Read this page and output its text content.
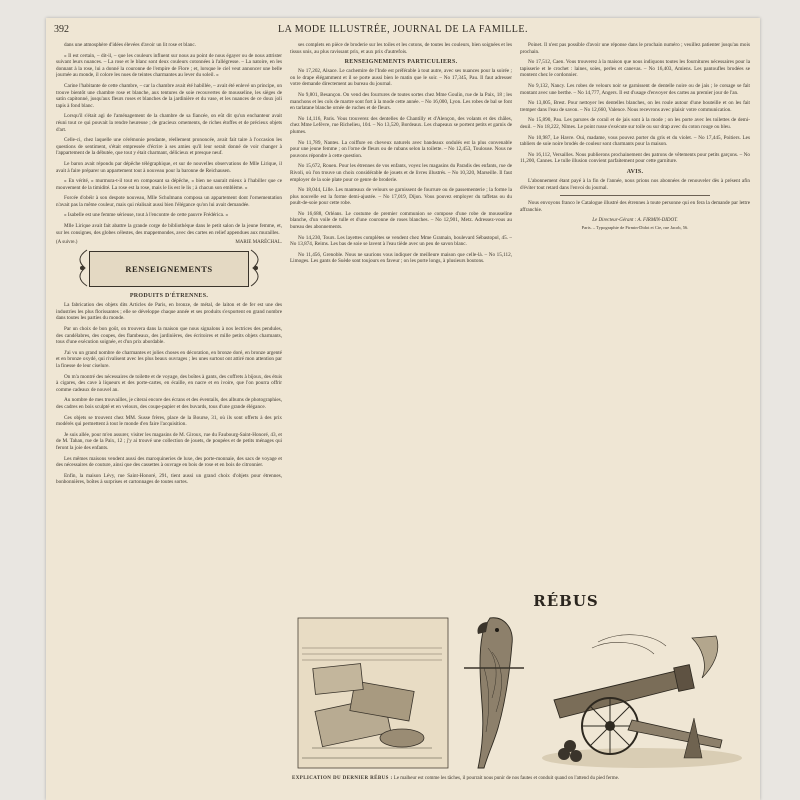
392	LA MODE ILLUSTRÉE, JOURNAL DE LA FAMILLE.

dans une atmosphère d'idées élevées d'avoir un lit rose et blanc.

« Il est certain, – dit-il, – que les couleurs influent sur nous au point de nous égayer ou de nous attrister suivant leurs nuances. – La rose et le blanc sont deux couleurs cotonnées à l'allégresse. – La natoire, en les donnant à la rose, lui a donné la couronne de l'empire de Flore ; et, lorsque le ciel veut annoncer une belle journée au monde, il colore les nues de teintes charmantes au lever du soleil. »

Carine l'habitante de cette chambre, – car la chambre avait été habillée, – avait été enlevé un principe, on trouve bientôt une chambre rose et blanche, aux tentures de soie recouvertes de mousseline, les sièges de satin capitonné, jusqu'aux fleurs roses et blanches de la jardinière et du vase, et les nuances de ce doux joli tapis à fond blanc.

Lorsqu'il s'était agi de l'aménagement de la chambre de sa fiancée, on eût dit qu'un enchanteur avait réuni tout ce qui pouvait la rendre heureuse ; de gracieux ornements, de riches étoffes et de précieux objets d'art.

Celle-ci, chez laquelle une cérémonie pendante, réellement prononcée, avait fait taire à l'occasion les questions de sentiment, s'était empressée d'écrire à ses amies qu'il leur serait donné de voir changer à l'appartement de la débutée, que tout y était charmant, délicieux et presque neuf.

Le baron avait répondu par dépêche télégraphique, et sur de nouvelles observations de Mlle Lirique, il avait à faire préparer un appartement tout à nouveau pour la baronne de Reichausen.

« En vérité, » murmura-t-il tout en composant sa dépêche, « bien ne saurait mieux à l'habiller que ce mouvement de la timidité. La rose est la rose, mais le lis est le lis ; à chacun son emblème. »

Forcée d'obéir à son despote nouveau, Mlle Schulmann composa un appartement dont l'ornementation n'avait pas la même couleur, mais qui réalisait aussi bien l'élégance qu'on lui avait demandée.

« Isabelle est une femme sérieuse, tout à l'encontre de cette pauvre Frédérica. »

Mlle Lirique avait fait abattre la grande corge de bibliothèque dans le petit salon de la jeune femme, et, sur les consignes, des globes célestes, des mappemondes, avec des cartes en relief appendues aux murailles.

(A suivre.)	MARIE MARÉCHAL.
RENSEIGNEMENTS
PRODUITS D'ÉTRENNES.

La fabrication des objets dits Articles de Paris, en bronze, de métal, de laiton et de fer est une des industries les plus florissantes ; elle se développe chaque année et ses produits s'exportent en grand nombre dans toutes les parties du monde.

Par un choix de bon goût, on trouvera dans la maison que nous signalons à nos lectrices des pendules, des candélabres, des coupes, des flambeaux, des jardinières, des écritoires et mille petits objets charmants, tous d'une exécution soignée, et d'un prix abordable.

J'ai vu un grand nombre de charmantes et jolies choses en décoration, en bronze doré, en bronze argenté et en bronze oxydé, qui rivalisent avec les plus beaux ouvrages ; les unes surtout ont attiré mon attention par la finesse de leur ciselure.

On m'a montré des nécessaires de toilette et de voyage, des boîtes à gants, des coffrets à bijoux, des étuis à cigares, des cave à liqueurs et des porte-cartes, en écaille, en nacre et en ivoire, que l'on pourra offrir comme cadeaux de nouvel an.

Au nombre de mes trouvailles, je citerai encore des écrans et des éventails, des albums de photographies, des cadres en bois sculpté et en velours, des coupe-papier et des buvards, tous d'une grande élégance.

Ces objets se trouvent chez MM. Susse frères, place de la Bourse, 31, où ils sont offerts à des prix modérés qui permettent à tout le monde d'en faire l'acquisition.

Je suis allée, pour m'en assurer, visiter les magasins de M. Giroux, rue du Faubourg-Saint-Honoré, 43, et de M. Tahan, rue de la Paix, 12 ; j'y ai trouvé une collection de jouets, de poupées et de petits ménages qui feront la joie des enfants.

Les mêmes maisons vendent aussi des maroquineries de luxe, des porte-monnaie, des sacs de voyage et des nécessaires de couture, ainsi que des cassettes à ouvrage en bois de rose et en bois de citronnier.

Enfin, la maison Lévy, rue Saint-Honoré, 291, tient aussi un grand choix d'objets pour étrennes, bonbonnières, boîtes à surprises et cartonnages de toutes sortes.

ses complets en pièce de broderie sur les toiles et les cotons, de toutes les couleurs, bien soignées et les tissus unis, au plus ravissant prix, et aux prix d'autrefois.

RENSEIGNEMENTS PARTICULIERS.

No 17,202, Alsace. Le cachemire de l'Inde est préférable à tout autre, avec ses nuances pour la soirée ; on le drape élégamment et il se porte aussi bien le matin que le soir. – No 17,345, Pau. Il faut adresser votre demande directement au bureau du journal.

No 9,801, Besançon. On vend des fourrures de toutes sortes chez Mme Goulin, rue de la Paix, 18 ; les manchons et les cols de martre sont fort à la mode cette année. – No 16,000, Lyon. Les robes de bal se font en tarlatane blanche ornée de ruches et de fleurs.

No 14,116, Paris. Vous trouverez des dentelles de Chantilly et d'Alençon, des volants et des châles, chez Mme Lefèvre, rue Richelieu, 104. – No 13,520, Bordeaux. Les chapeaux se portent petits et garnis de plumes.

No 11,789, Nantes. La coiffure en cheveux naturels avec bandeaux ondulés est la plus convenable pour une jeune femme ; on l'orne de fleurs ou de rubans selon la toilette. – No 12,453, Toulouse. Nous ne pouvons répondre à cette question.

No 15,672, Rouen. Pour les étrennes de vos enfants, voyez les magasins du Paradis des enfants, rue de Rivoli, où l'on trouve un choix considérable de jouets et de livres illustrés. – No 10,320, Marseille. Il faut employer de la soie plate pour ce genre de broderie.

No 18,044, Lille. Les manteaux de velours se garnissent de fourrure ou de passementerie ; la forme la plus nouvelle est la forme demi-ajustée. – No 17,019, Dijon. Vous pouvez employer du taffetas ou du poult-de-soie pour cette robe.

No 16,688, Orléans. Le costume de premier communion se compose d'une robe de mousseline blanche, d'un voile de tulle et d'une couronne de roses blanches. – No 12,901, Metz. Adressez-vous au bureau des abonnements.

No 14,230, Tours. Les layettes complètes se vendent chez Mme Gramain, boulevard Sébastopol, 45. – No 13,874, Reims. Les bas de soie se lavent à l'eau tiède avec un peu de savon blanc.

No 11,456, Grenoble. Nous ne saurions vous indiquer de meilleure maison que celle-là. – No 15,112, Limoges. Les gants de Suède sont toujours en faveur ; on les porte longs, à plusieurs boutons.

Poinet. Il n'est pas possible d'avoir une réponse dans le prochain numéro ; veuillez patienter jusqu'au mois prochain.

No 17,512, Caen. Vous trouverez à la maison que nous indiquons toutes les fournitures nécessaires pour la tapisserie et le crochet : laines, soies, perles et canevas. – No 16,403, Amiens. Les pantoufles brodées se montent chez le cordonnier.

No 9,132, Nancy. Les robes de velours noir se garnissent de dentelle noire ou de jais ; le corsage se fait montant avec une berthe. – No 14,777, Angers. Il est d'usage d'envoyer des cartes au premier jour de l'an.

No 13,005, Brest. Pour nettoyer les dentelles blanches, on les roule autour d'une bouteille et on les fait tremper dans l'eau de savon. – No 12,660, Valence. Nous recevrons avec plaisir votre communication.

No 15,890, Pau. Les parures de corail et de jais sont à la mode ; on les porte avec les toilettes de demi-deuil. – No 18,222, Nîmes. Le point russe s'exécute sur toile ou sur drap avec du coton rouge ou bleu.

No 10,987, Le Havre. Oui, madame, vous pouvez porter du gris et du violet. – No 17,445, Poitiers. Les tabliers de soie noire brodés de couleur sont charmants pour la maison.

No 16,112, Versailles. Nous publierons prochainement des patrons de vêtements pour petits garçons. – No 11,200, Cannes. Le tulle illusion convient parfaitement pour cette garniture.

AVIS.

L'abonnement étant payé à la fin de l'année, nous prions nos abonnées de renouveler dès à présent afin d'éviter tout retard dans l'envoi du journal.

Nous envoyons franco le Catalogue illustré des étrennes à toute personne qui en fera la demande par lettre affranchie.

Le Directeur-Gérant : A. FIRMIN-DIDOT.
Paris. – Typographie de Firmin-Didot et Cie, rue Jacob, 56.
RÉBUS
EXPLICATION DU DERNIER RÉBUS : Le malheur est comme les tâches, il pourrait nous punir de nos fautes et conduit quand on l'attend du pied ferme.
